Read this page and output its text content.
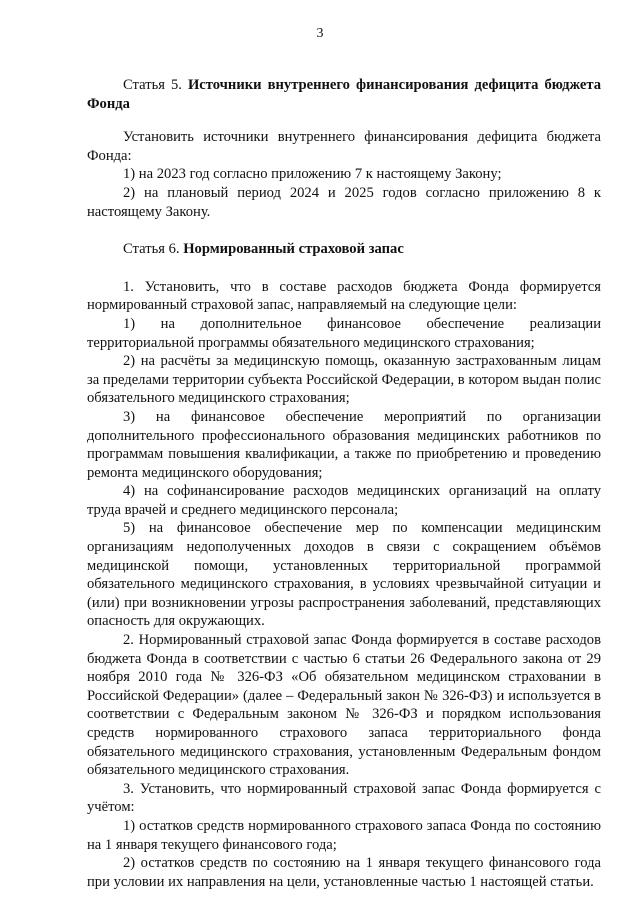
3

Статья 5. Источники внутреннего финансирования дефицита бюджета Фонда

Установить источники внутреннего финансирования дефицита бюджета Фонда:

1) на 2023 год согласно приложению 7 к настоящему Закону;

2) на плановый период 2024 и 2025 годов согласно приложению 8 к настоящему Закону.

Статья 6. Нормированный страховой запас

1. Установить, что в составе расходов бюджета Фонда формируется нормированный страховой запас, направляемый на следующие цели:

1) на дополнительное финансовое обеспечение реализации территориальной программы обязательного медицинского страхования;

2) на расчёты за медицинскую помощь, оказанную застрахованным лицам за пределами территории субъекта Российской Федерации, в котором выдан полис обязательного медицинского страхования;

3) на финансовое обеспечение мероприятий по организации дополнительного профессионального образования медицинских работников по программам повышения квалификации, а также по приобретению и проведению ремонта медицинского оборудования;

4) на софинансирование расходов медицинских организаций на оплату труда врачей и среднего медицинского персонала;

5) на финансовое обеспечение мер по компенсации медицинским организациям недополученных доходов в связи с сокращением объёмов медицинской помощи, установленных территориальной программой обязательного медицинского страхования, в условиях чрезвычайной ситуации и (или) при возникновении угрозы распространения заболеваний, представляющих опасность для окружающих.

2. Нормированный страховой запас Фонда формируется в составе расходов бюджета Фонда в соответствии с частью 6 статьи 26 Федерального закона от 29 ноября 2010 года № 326-ФЗ «Об обязательном медицинском страховании в Российской Федерации» (далее – Федеральный закон № 326-ФЗ) и используется в соответствии с Федеральным законом № 326-ФЗ и порядком использования средств нормированного страхового запаса территориального фонда обязательного медицинского страхования, установленным Федеральным фондом обязательного медицинского страхования.

3. Установить, что нормированный страховой запас Фонда формируется с учётом:

1) остатков средств нормированного страхового запаса Фонда по состоянию на 1 января текущего финансового года;

2) остатков средств по состоянию на 1 января текущего финансового года при условии их направления на цели, установленные частью 1 настоящей статьи.
